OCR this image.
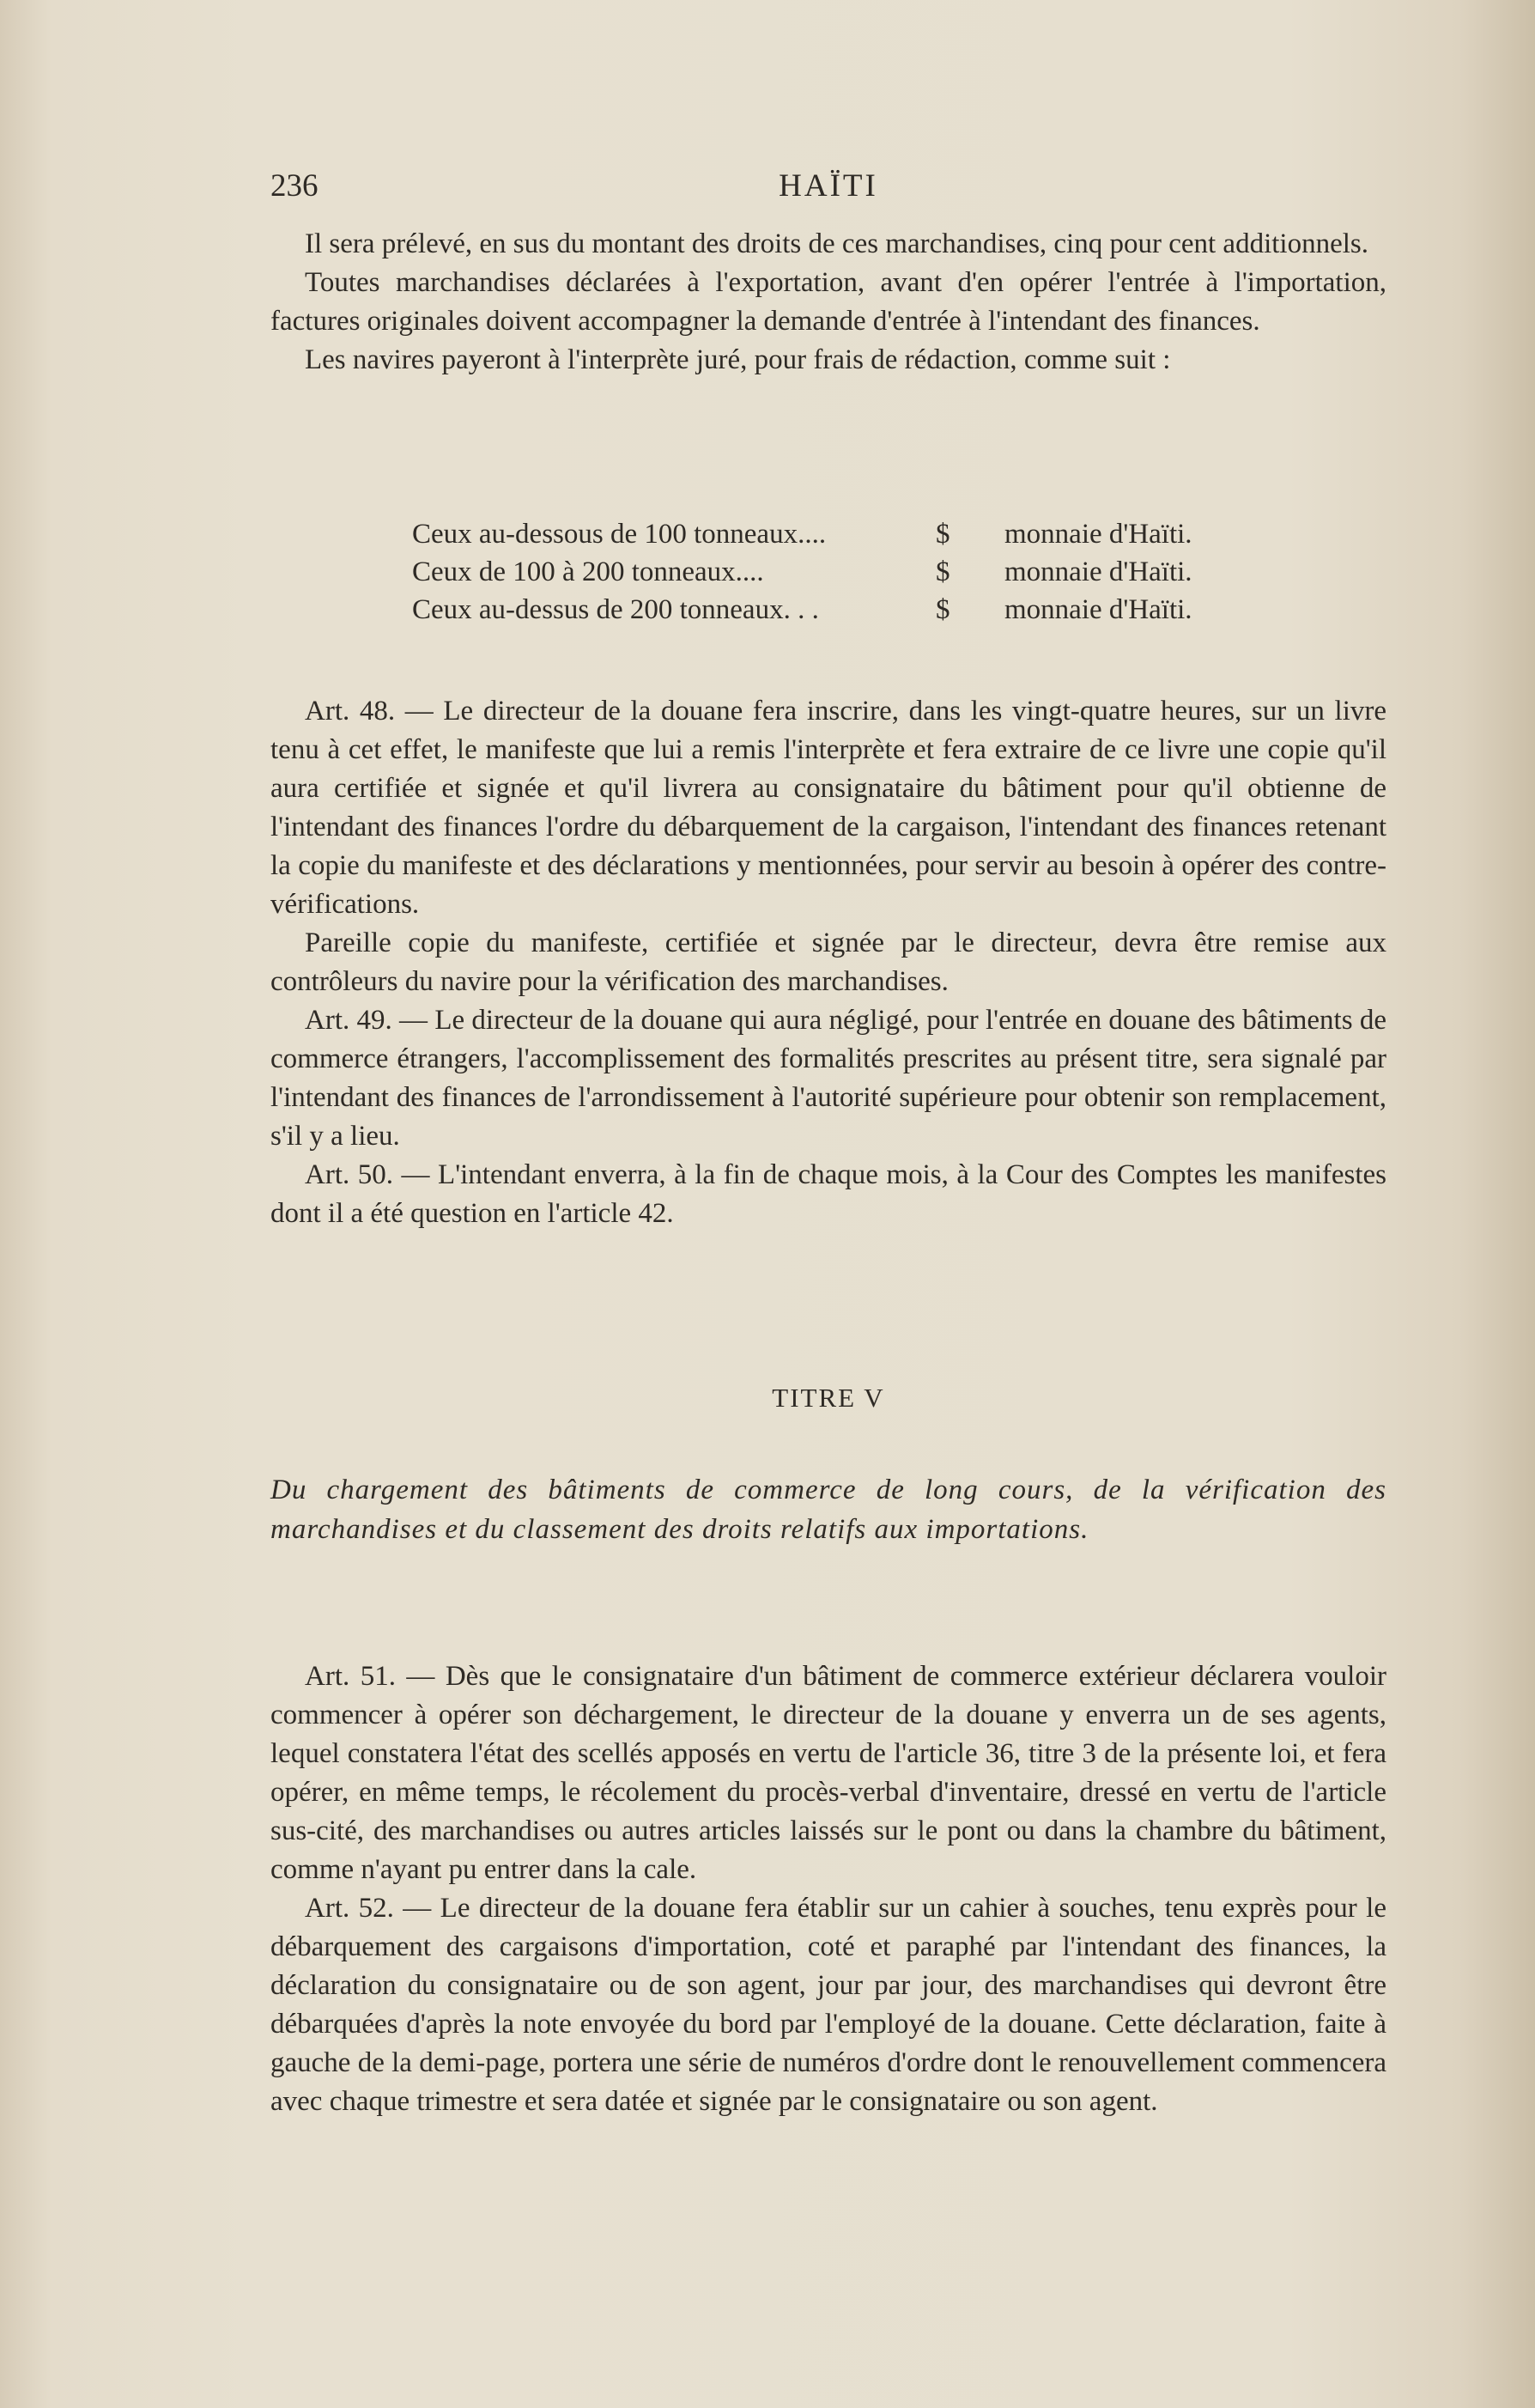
236	HAÏTI

Il sera prélevé, en sus du montant des droits de ces marchandises, cinq pour cent additionnels.

Toutes marchandises déclarées à l'exportation, avant d'en opérer l'entrée à l'importation, factures originales doivent accompagner la demande d'entrée à l'intendant des finances.

Les navires payeront à l'interprète juré, pour frais de rédaction, comme suit :

Ceux au-dessous de 100 tonneaux....	$ monnaie d'Haïti.
Ceux de 100 à 200 tonneaux....	$ monnaie d'Haïti.
Ceux au-dessus de 200 tonneaux. . .	$ monnaie d'Haïti.

Art. 48. — Le directeur de la douane fera inscrire, dans les vingt-quatre heures, sur un livre tenu à cet effet, le manifeste que lui a remis l'interprète et fera extraire de ce livre une copie qu'il aura certifiée et signée et qu'il livrera au consignataire du bâtiment pour qu'il obtienne de l'intendant des finances l'ordre du débarquement de la cargaison, l'intendant des finances retenant la copie du manifeste et des déclarations y mentionnées, pour servir au besoin à opérer des contre-vérifications.

Pareille copie du manifeste, certifiée et signée par le directeur, devra être remise aux contrôleurs du navire pour la vérification des marchandises.

Art. 49. — Le directeur de la douane qui aura négligé, pour l'entrée en douane des bâtiments de commerce étrangers, l'accomplissement des formalités prescrites au présent titre, sera signalé par l'intendant des finances de l'arrondissement à l'autorité supérieure pour obtenir son remplacement, s'il y a lieu.

Art. 50. — L'intendant enverra, à la fin de chaque mois, à la Cour des Comptes les manifestes dont il a été question en l'article 42.

TITRE V
Du chargement des bâtiments de commerce de long cours, de la vérification des marchandises et du classement des droits relatifs aux importations.

Art. 51. — Dès que le consignataire d'un bâtiment de commerce extérieur déclarera vouloir commencer à opérer son déchargement, le directeur de la douane y enverra un de ses agents, lequel constatera l'état des scellés apposés en vertu de l'article 36, titre 3 de la présente loi, et fera opérer, en même temps, le récolement du procès-verbal d'inventaire, dressé en vertu de l'article sus-cité, des marchandises ou autres articles laissés sur le pont ou dans la chambre du bâtiment, comme n'ayant pu entrer dans la cale.

Art. 52. — Le directeur de la douane fera établir sur un cahier à souches, tenu exprès pour le débarquement des cargaisons d'importation, coté et paraphé par l'intendant des finances, la déclaration du consignataire ou de son agent, jour par jour, des marchandises qui devront être débarquées d'après la note envoyée du bord par l'employé de la douane. Cette déclaration, faite à gauche de la demi-page, portera une série de numéros d'ordre dont le renouvellement commencera avec chaque trimestre et sera datée et signée par le consignataire ou son agent.
